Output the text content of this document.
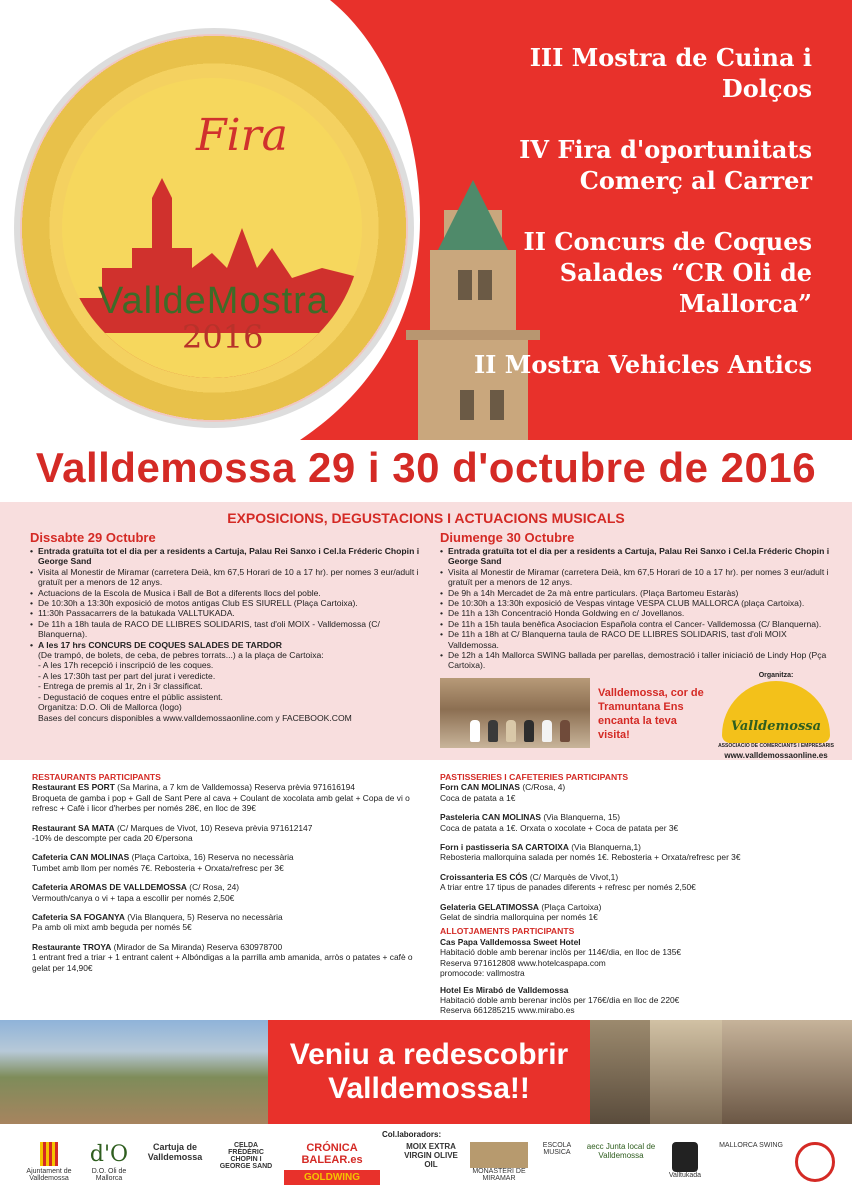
Fira
ValldeMostra
2016
III Mostra de Cuina i Dolços
IV Fira d'oportunitats Comerç al Carrer
II Concurs de Coques Salades “CR Oli de Mallorca”
II Mostra Vehicles Antics
Valldemossa 29 i 30 d'octubre de 2016
EXPOSICIONS, DEGUSTACIONS I ACTUACIONS MUSICALS
Dissabte 29 Octubre
• Entrada gratuïta tot el dia per a residents a Cartuja, Palau Rei Sanxo i Cel.la Fréderic Chopin i George Sand
• Visita al Monestir de Miramar (carretera Deià, km 67,5 Horari de 10 a 17 hr). per nomes 3 eur/adult i gratuït per a menors de 12 anys.
• Actuacions de la Escola de Musica i Ball de Bot a diferents llocs del poble.
• De 10:30h a 13:30h exposició de motos antigas Club ES SIURELL (Plaça Cartoixa).
• 11:30h Passacarrers de la batukada VALLTUKADA.
• De 11h a 18h taula de RACO DE LLIBRES SOLIDARIS, tast d'oli MOIX - Valldemossa (C/ Blanquerna).
• A les 17 hrs CONCURS DE COQUES SALADES DE TARDOR
(De trampó, de bolets, de ceba, de pebres torrats...) a la plaça de Cartoixa:
- A les 17h recepció i inscripció de les coques.
- A les 17:30h tast per part del jurat i veredicte.
- Entrega de premis al 1r, 2n i 3r classificat.
- Degustació de coques entre el públic assistent.
Organitza: D.O. Oli de Mallorca (logo)
Bases del concurs disponibles a www.valldemossaonline.com y FACEBOOK.COM
Diumenge 30 Octubre
• Entrada gratuïta tot el dia per a residents a Cartuja, Palau Rei Sanxo i Cel.la Fréderic Chopin i George Sand
• Visita al Monestir de Miramar (carretera Deià, km 67,5 Horari de 10 a 17 hr). per nomes 3 eur/adult i gratuït per a menors de 12 anys.
• De 9h a 14h Mercadet de 2a mà entre particulars. (Plaça Bartomeu Estaràs)
• De 10:30h a 13:30h exposició de Vespas vintage VESPA CLUB MALLORCA (plaça Cartoixa).
• De 11h a 13h Concentració Honda Goldwing en c/ Jovellanos.
• De 11h a 15h taula benèfica Asociacion Española contra el Cancer- Valldemossa (C/ Blanquerna).
• De 11h a 18h at C/ Blanquerna taula de RACO DE LLIBRES SOLIDARIS, tast d'oli MOIX Valldemossa.
• De 12h a 14h Mallorca SWING ballada per parellas, demostració i taller iniciació de Lindy Hop (Pça Cartoixa).
Valldemossa, cor de Tramuntana Ens encanta la teva visita!
Organitza:
Valldemossa
ASSOCIACIÓ DE COMERCIANTS I EMPRESARIS
www.valldemossaonline.es
RESTAURANTS PARTICIPANTS
Restaurant ES PORT (Sa Marina, a 7 km de Valldemossa) Reserva prèvia 971616194
Broqueta de gamba i pop + Gall de Sant Pere al cava + Coulant de xocolata amb gelat + Copa de vi o refresc + Cafè i licor d'herbes per només 28€, en lloc de 39€
Restaurant SA MATA (C/ Marques de Vivot, 10) Reseva prèvia 971612147
-10% de descompte per cada 20 €/persona
Cafeteria CAN MOLINAS (Plaça Cartoixa, 16) Reserva no necessària
Tumbet amb llom per només 7€. Rebosteria + Orxata/refresc per 3€
Cafeteria AROMAS DE VALLDEMOSSA (C/ Rosa, 24)
Vermouth/canya o vi + tapa a escollir per només 2,50€
Cafeteria SA FOGANYA (Via Blanquera, 5) Reserva no necessària
Pa amb oli mixt amb beguda per només 5€
Restaurante TROYA (Mirador de Sa Miranda) Reserva 630978700
1 entrant fred a triar + 1 entrant calent + Albóndigas a la parrilla amb amanida, arròs o patates + cafè o gelat per 14,90€
PASTISSERIES I CAFETERIES PARTICIPANTS
Forn CAN MOLINAS (C/Rosa, 4)
Coca de patata a 1€
Pasteleria CAN MOLINAS (Via Blanquerna, 15)
Coca de patata a 1€. Orxata o xocolate + Coca de patata per 3€
Forn i pastisseria SA CARTOIXA (Via Blanquerna,1)
Rebosteria mallorquina salada per només 1€. Rebosteria + Orxata/refresc per 3€
Croissanteria ES CÓS (C/ Marquès de Vivot,1)
A triar entre 17 tipus de panades diferents + refresc per només 2,50€
Gelateria GELATIMOSSA (Plaça Cartoixa)
Gelat de sindria mallorquina per només 1€
ALLOTJAMENTS PARTICIPANTS
Cas Papa Valldemossa Sweet Hotel
Habitació doble amb berenar inclòs per 114€/dia, en lloc de 135€
Reserva 971612808 www.hotelcaspapa.com
promocode: vallmostra
Hotel Es Mirabó de Valldemossa
Habitació doble amb berenar inclòs per 176€/dia en lloc de 220€
Reserva 661285215 www.mirabo.es
Veniu a redescobrir Valldemossa!!
Col.laboradors:
Ajuntament de Valldemossa
d'O
D.O. Oli de Mallorca
Cartuja de Valldemossa
CELDA FRÉDÉRIC CHOPIN I GEORGE SAND
CRÓNICA BALEAR.es
GOLDWING
MOIX EXTRA VIRGIN OLIVE OIL
MONASTERI DE MIRAMAR
ESCOLA MUSICA
aecc Junta local de Valldemossa
Valltukada
MALLORCA SWING
